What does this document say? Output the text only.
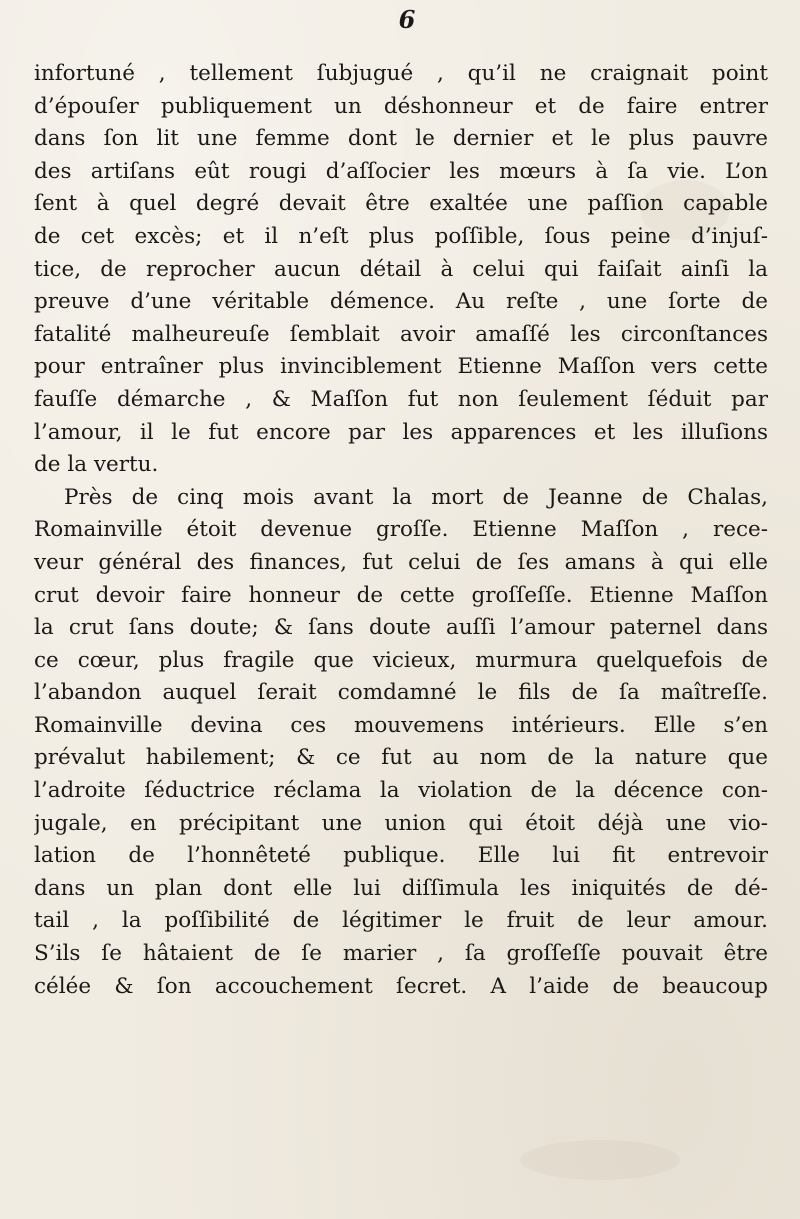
6
infortuné , tellement ſubjugué , qu’il ne craignait point
d’épouſer publiquement un déshonneur et de faire entrer
dans ſon lit une femme dont le dernier et le plus pauvre
des artiſans eût rougi d’aſſocier les mœurs à ſa vie. L’on
ſent à quel degré devait être exaltée une paſſion capable
de cet excès; et il n’eſt plus poſſible, ſous peine d’injuſ-
tice, de reprocher aucun détail à celui qui faiſait ainſi la
preuve d’une véritable démence. Au reſte , une ſorte de
fatalité malheureuſe ſemblait avoir amaſſé les circonſtances
pour entraîner plus invinciblement Etienne Maſſon vers cette
fauſſe démarche , & Maſſon fut non ſeulement ſéduit par
l’amour, il le fut encore par les apparences et les illuſions
de la vertu.
Près de cinq mois avant la mort de Jeanne de Chalas,
Romainville étoit devenue groſſe. Etienne Maſſon , rece-
veur général des finances, fut celui de ſes amans à qui elle
crut devoir faire honneur de cette groſſeſſe. Etienne Maſſon
la crut ſans doute; & ſans doute auſſi l’amour paternel dans
ce cœur, plus fragile que vicieux, murmura quelquefois de
l’abandon auquel ſerait comdamné le fils de ſa maîtreſſe.
Romainville devina ces mouvemens intérieurs. Elle s’en
prévalut habilement; & ce fut au nom de la nature que
l’adroite ſéductrice réclama la violation de la décence con-
jugale, en précipitant une union qui étoit déjà une vio-
lation de l’honnêteté publique. Elle lui fit entrevoir
dans un plan dont elle lui diſſimula les iniquités de dé-
tail , la poſſibilité de légitimer le fruit de leur amour.
S’ils ſe hâtaient de ſe marier , ſa groſſeſſe pouvait être
célée & ſon accouchement ſecret. A l’aide de beaucoup
